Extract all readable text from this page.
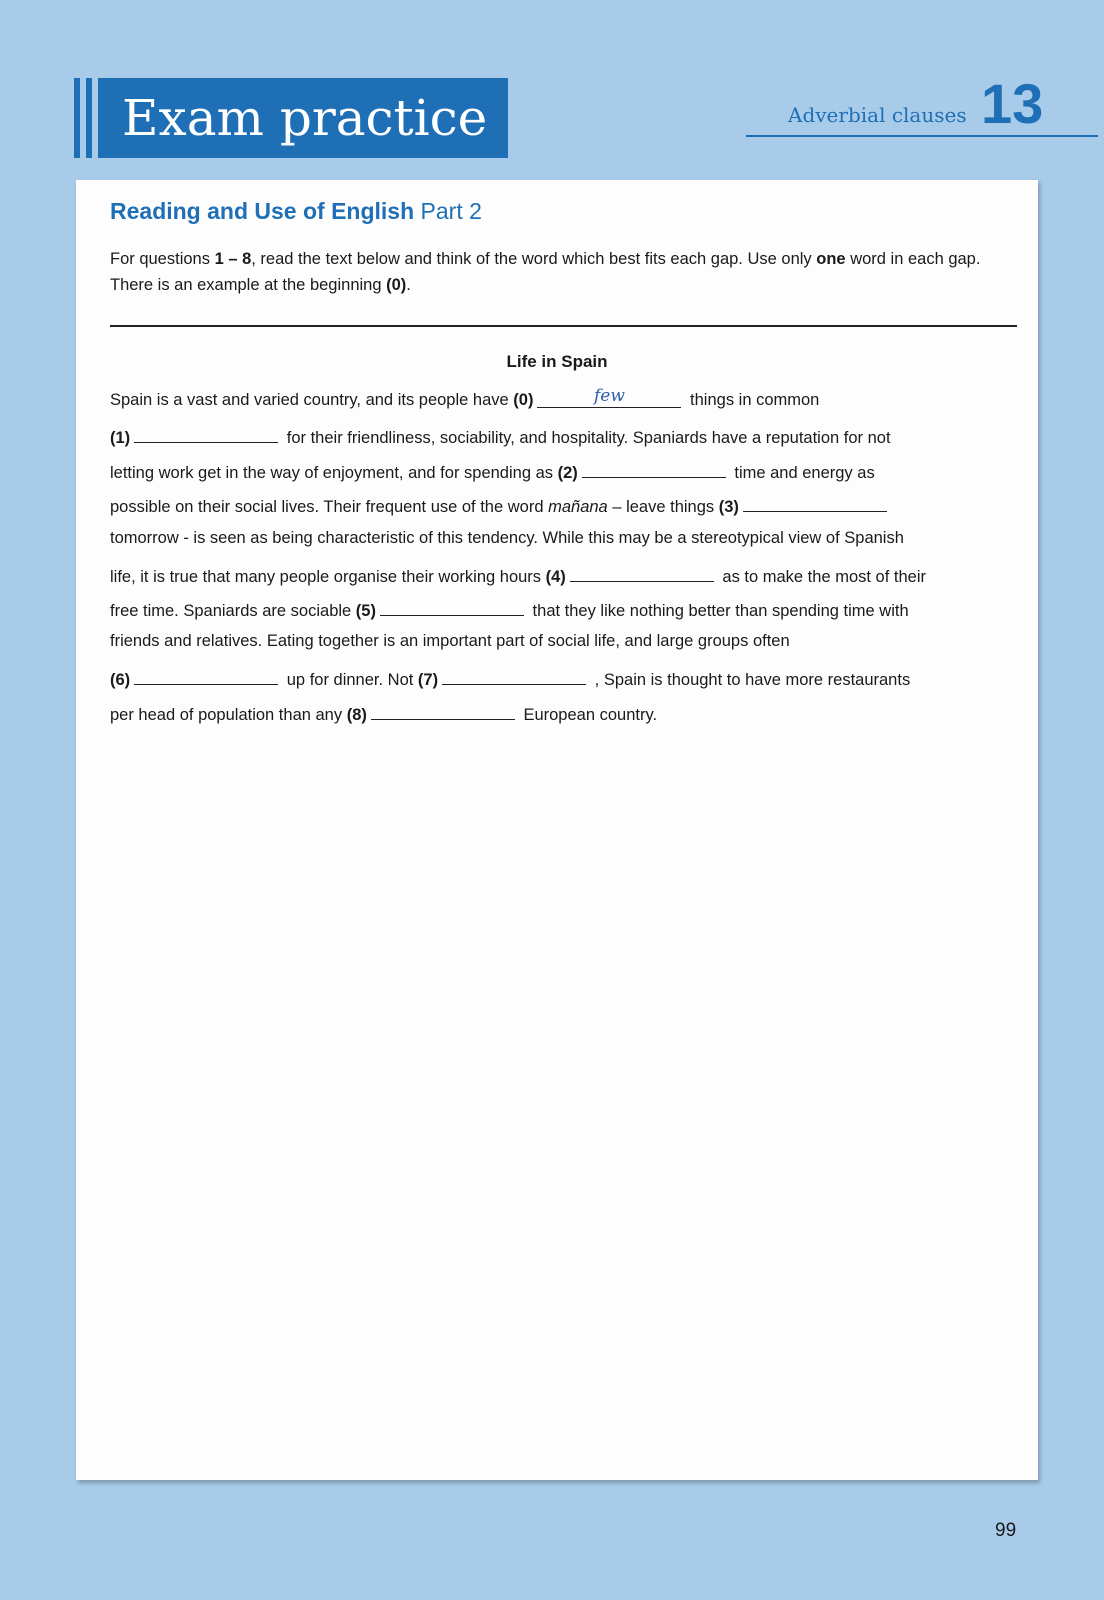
Exam practice	Adverbial clauses 13
Reading and Use of English Part 2
For questions 1 – 8, read the text below and think of the word which best fits each gap. Use only one word in each gap. There is an example at the beginning (0).
Life in Spain
Spain is a vast and varied country, and its people have (0)	few	things in common
(1)	for their friendliness, sociability, and hospitality. Spaniards have a reputation for not
letting work get in the way of enjoyment, and for spending as (2)	time and energy as
possible on their social lives. Their frequent use of the word mañana – leave things (3)
tomorrow - is seen as being characteristic of this tendency. While this may be a stereotypical view of Spanish
life, it is true that many people organise their working hours (4)	as to make the most of their
free time. Spaniards are sociable (5)	that they like nothing better than spending time with
friends and relatives. Eating together is an important part of social life, and large groups often
(6)	up for dinner. Not (7)	, Spain is thought to have more restaurants
per head of population than any (8)	European country.
99
